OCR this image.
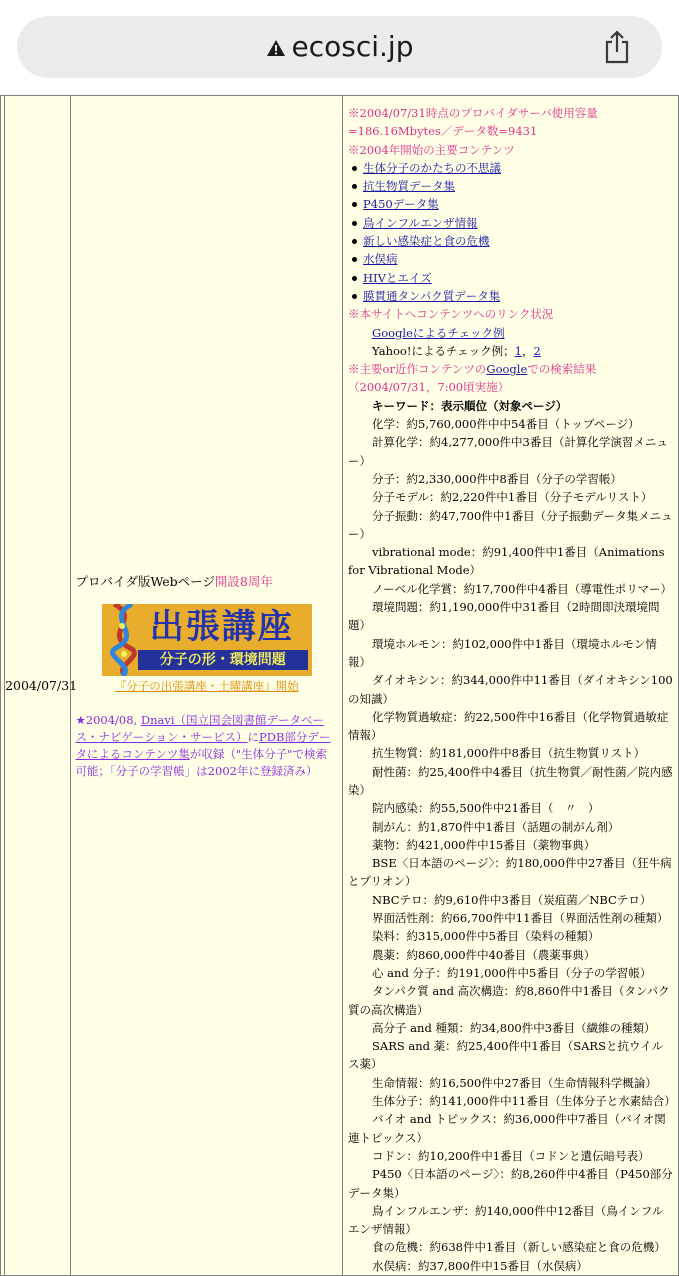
ecosci.jp
	2004/07/31	
プロバイダ版Webページ開設8周年
出張講座
分子の形・環境問題

『分子の出張講座・土曜講座』開始

★2004/08, Dnavi（国立国会図書館データベース・ナビゲーション・サービス）にPDB部分データによるコンテンツ集が収録（"生体分子"で検索可能；「分子の学習帳」は2002年に登録済み）

※2004/07/31時点のプロバイダサーバ使用容量=186.16Mbytes／データ数=9431

※2004年開始の主要コンテンツ

生体分子のかたちの不思議

抗生物質データ集

P450データ集

鳥インフルエンザ情報

新しい感染症と食の危機

水俣病

HIVとエイズ

膜貫通タンパク質データ集

※本サイトへコンテンツへのリンク状況

Googleによるチェック例

Yahoo!によるチェック例；1，2

※主要or近作コンテンツのGoogleでの検索結果（2004/07/31，7:00頃実施）

キーワード：表示順位（対象ページ）

化学：約5,760,000件中中54番目（トップページ）

計算化学：約4,277,000件中3番目（計算化学演習メニュー）

分子：約2,330,000件中8番目（分子の学習帳）

分子モデル：約2,220件中1番目（分子モデルリスト）

分子振動：約47,700件中1番目（分子振動データ集メニュー）

vibrational mode：約91,400件中1番目（Animations for Vibrational Mode）

ノーベル化学賞：約17,700件中4番目（導電性ポリマー）

環境問題：約1,190,000件中31番目（2時間即決環境問題）

環境ホルモン：約102,000件中1番目（環境ホルモン情報）

ダイオキシン：約344,000件中11番目（ダイオキシン100の知識）

化学物質過敏症：約22,500件中16番目（化学物質過敏症情報）

抗生物質：約181,000件中8番目（抗生物質リスト）

耐性菌：約25,400件中4番目（抗生物質／耐性菌／院内感染）

院内感染：約55,500件中21番目（　〃　）

制がん：約1,870件中1番目（話題の制がん剤）

薬物：約421,000件中15番目（薬物事典）

BSE〈日本語のページ〉：約180,000件中27番目（狂牛病とプリオン）

NBCテロ：約9,610件中3番目（炭疽菌／NBCテロ）

界面活性剤：約66,700件中11番目（界面活性剤の種類）

染料：約315,000件中5番目（染料の種類）

農薬：約860,000件中40番目（農薬事典）

心 and 分子：約191,000件中5番目（分子の学習帳）

タンパク質 and 高次構造：約8,860件中1番目（タンパク質の高次構造）

高分子 and 種類：約34,800件中3番目（繊維の種類）

SARS and 薬：約25,400件中1番目（SARSと抗ウイルス薬）

生命情報：約16,500件中27番目（生命情報科学概論）

生体分子：約141,000件中11番目（生体分子と水素結合）

バイオ and トピックス：約36,000件中7番目（バイオ関連トピックス）

コドン：約10,200件中1番目（コドンと遺伝暗号表）

P450〈日本語のページ〉：約8,260件中4番目（P450部分データ集）

鳥インフルエンザ：約140,000件中12番目（鳥インフルエンザ情報）

食の危機：約638件中1番目（新しい感染症と食の危機）

水俣病：約37,800件中15番目（水俣病）
